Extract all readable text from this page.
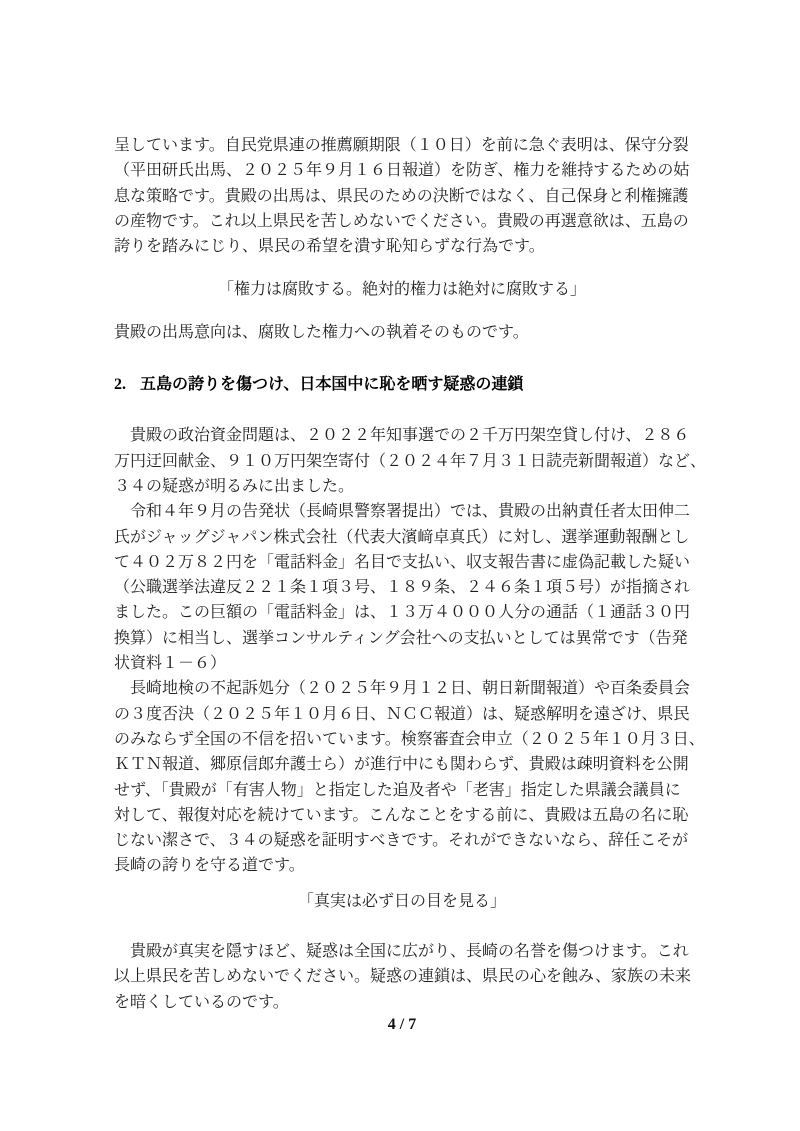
呈しています。自民党県連の推薦願期限（１０日）を前に急ぐ表明は、保守分裂
（平田研氏出馬、２０２５年９月１６日報道）を防ぎ、権力を維持するための姑
息な策略です。貴殿の出馬は、県民のための決断ではなく、自己保身と利権擁護
の産物です。これ以上県民を苦しめないでください。貴殿の再選意欲は、五島の
誇りを踏みにじり、県民の希望を潰す恥知らずな行為です。
「権力は腐敗する。絶対的権力は絶対に腐敗する」
貴殿の出馬意向は、腐敗した権力への執着そのものです。
2. 五島の誇りを傷つけ、日本国中に恥を晒す疑惑の連鎖
　貴殿の政治資金問題は、２０２２年知事選での２千万円架空貸し付け、２８６
万円迂回献金、９１０万円架空寄付（２０２４年７月３１日読売新聞報道）など、
３４の疑惑が明るみに出ました。
　令和４年９月の告発状（長崎県警察署提出）では、貴殿の出納責任者太田伸二
氏がジャッグジャパン株式会社（代表大濱﨑卓真氏）に対し、選挙運動報酬とし
て４０２万８２円を「電話料金」名目で支払い、収支報告書に虚偽記載した疑い
（公職選挙法違反２２１条１項３号、１８９条、２４６条１項５号）が指摘され
ました。この巨額の「電話料金」は、１３万４０００人分の通話（１通話３０円
換算）に相当し、選挙コンサルティング会社への支払いとしては異常です（告発
状資料１－６）
　長崎地検の不起訴処分（２０２５年９月１２日、朝日新聞報道）や百条委員会
の３度否決（２０２５年１０月６日、ＮＣＣ報道）は、疑惑解明を遠ざけ、県民
のみならず全国の不信を招いています。検察審査会申立（２０２５年１０月３日、
ＫＴＮ報道、郷原信郎弁護士ら）が進行中にも関わらず、貴殿は疎明資料を公開
せず、「貴殿が「有害人物」と指定した追及者や「老害」指定した県議会議員に
対して、報復対応を続けています。こんなことをする前に、貴殿は五島の名に恥
じない潔さで、３４の疑惑を証明すべきです。それができないなら、辞任こそが
長崎の誇りを守る道です。
「真実は必ず日の目を見る」
　貴殿が真実を隠すほど、疑惑は全国に広がり、長崎の名誉を傷つけます。これ
以上県民を苦しめないでください。疑惑の連鎖は、県民の心を蝕み、家族の未来
を暗くしているのです。
4 / 7
